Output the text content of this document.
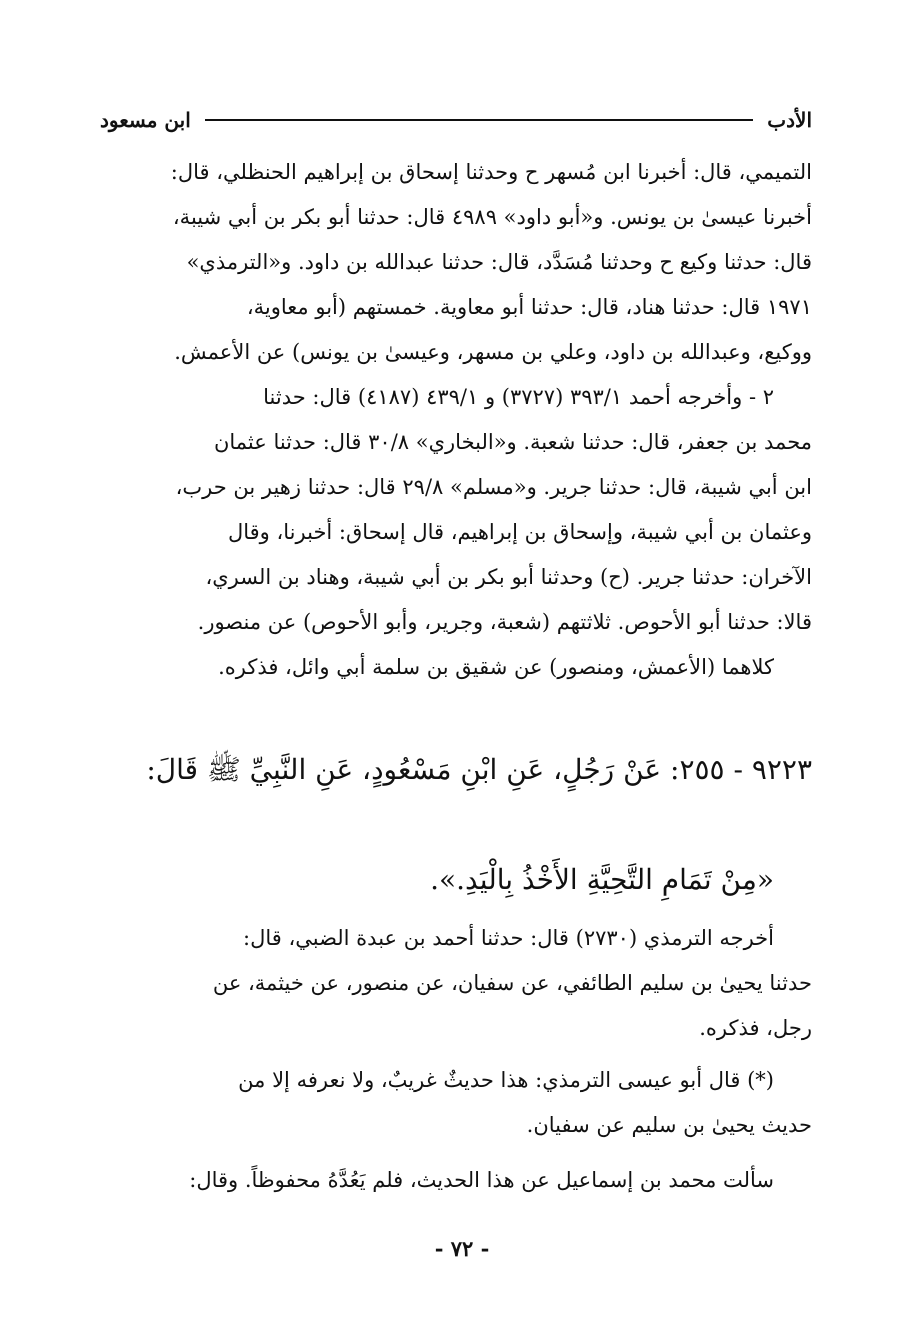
الأدب
ابن مسعود

التميمي، قال: أخبرنا ابن مُسهر ح وحدثنا إسحاق بن إبراهيم الحنظلي، قال:

أخبرنا عيسىٰ بن يونس. و«أبو داود» ٤٩٨٩ قال: حدثنا أبو بكر بن أبي شيبة،

قال: حدثنا وكيع ح وحدثنا مُسَدَّد، قال: حدثنا عبدالله بن داود. و«الترمذي»

١٩٧١ قال: حدثنا هناد، قال: حدثنا أبو معاوية. خمستهم (أبو معاوية،

ووكيع، وعبدالله بن داود، وعلي بن مسهر، وعيسىٰ بن يونس) عن الأعمش.

٢ - وأخرجه أحمد ٣٩٣/١ (٣٧٢٧) و ٤٣٩/١ (٤١٨٧) قال: حدثنا

محمد بن جعفر، قال: حدثنا شعبة. و«البخاري» ٣٠/٨ قال: حدثنا عثمان

ابن أبي شيبة، قال: حدثنا جرير. و«مسلم» ٢٩/٨ قال: حدثنا زهير بن حرب،

وعثمان بن أبي شيبة، وإسحاق بن إبراهيم، قال إسحاق: أخبرنا، وقال

الآخران: حدثنا جرير. (ح) وحدثنا أبو بكر بن أبي شيبة، وهناد بن السري،

قالا: حدثنا أبو الأحوص. ثلاثتهم (شعبة، وجرير، وأبو الأحوص) عن منصور.

كلاهما (الأعمش، ومنصور) عن شقيق بن سلمة أبي وائل، فذكره.

٩٢٢٣ - ٢٥٥: عَنْ رَجُلٍ، عَنِ ابْنِ مَسْعُودٍ، عَنِ النَّبِيِّ ﷺ قَالَ:
«مِنْ تَمَامِ التَّحِيَّةِ الأَخْذُ بِالْيَدِ.».

أخرجه الترمذي (٢٧٣٠) قال: حدثنا أحمد بن عبدة الضبي، قال:

حدثنا يحيىٰ بن سليم الطائفي، عن سفيان، عن منصور، عن خيثمة، عن

رجل، فذكره.

(*) قال أبو عيسى الترمذي: هذا حديثٌ غريبٌ، ولا نعرفه إلا من

حديث يحيىٰ بن سليم عن سفيان.

سألت محمد بن إسماعيل عن هذا الحديث، فلم يَعُدَّهُ محفوظاً. وقال:

- ٧٢ -
